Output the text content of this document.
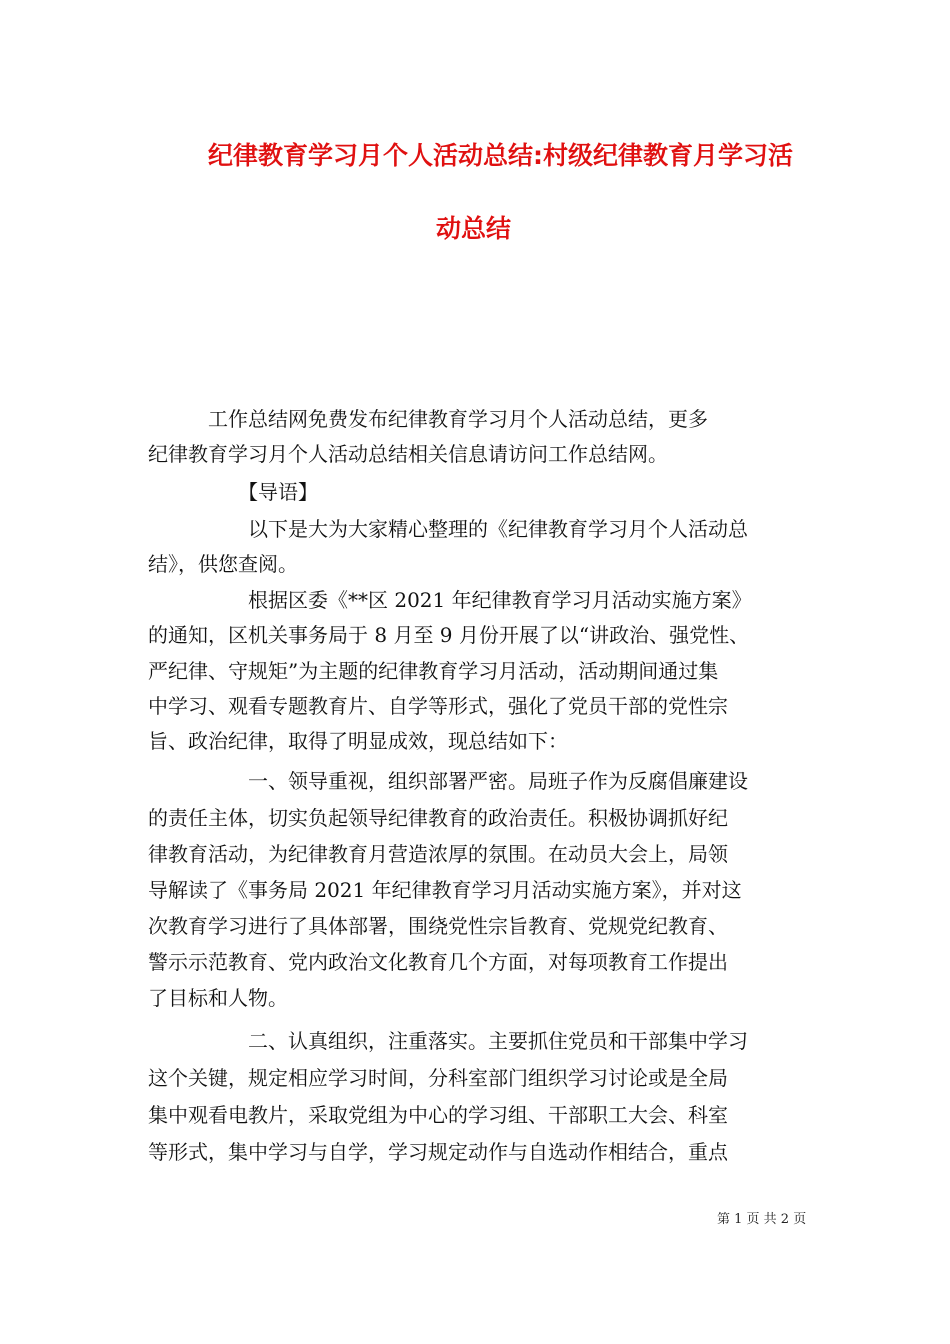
纪律教育学习月个人活动总结:村级纪律教育月学习活
动总结
工作总结网免费发布纪律教育学习月个人活动总结，更多
纪律教育学习月个人活动总结相关信息请访问工作总结网。
【导语】
以下是大为大家精心整理的《纪律教育学习月个人活动总
结》，供您查阅。
根据区委《**区 2021 年纪律教育学习月活动实施方案》
的通知，区机关事务局于 8 月至 9 月份开展了以“讲政治、强党性、
严纪律、守规矩”为主题的纪律教育学习月活动，活动期间通过集
中学习、观看专题教育片、自学等形式，强化了党员干部的党性宗
旨、政治纪律，取得了明显成效，现总结如下：
一、领导重视，组织部署严密。局班子作为反腐倡廉建设
的责任主体，切实负起领导纪律教育的政治责任。积极协调抓好纪
律教育活动，为纪律教育月营造浓厚的氛围。在动员大会上，局领
导解读了《事务局 2021 年纪律教育学习月活动实施方案》，并对这
次教育学习进行了具体部署，围绕党性宗旨教育、党规党纪教育、
警示示范教育、党内政治文化教育几个方面，对每项教育工作提出
了目标和人物。
二、认真组织，注重落实。主要抓住党员和干部集中学习
这个关键，规定相应学习时间，分科室部门组织学习讨论或是全局
集中观看电教片，采取党组为中心的学习组、干部职工大会、科室
等形式，集中学习与自学，学习规定动作与自选动作相结合，重点
第 1 页 共 2 页
